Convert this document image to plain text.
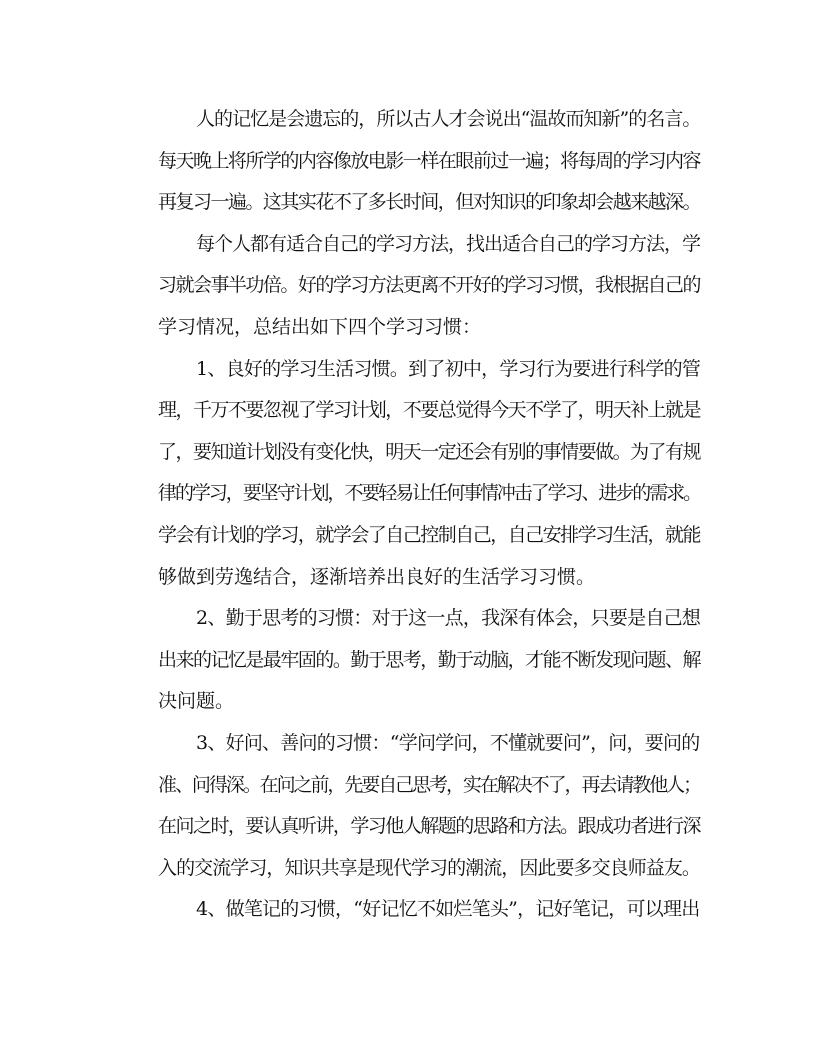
人的记忆是会遗忘的，所以古人才会说出“温故而知新”的名言。
每天晚上将所学的内容像放电影一样在眼前过一遍；将每周的学习内容
再复习一遍。这其实花不了多长时间，但对知识的印象却会越来越深。
每个人都有适合自己的学习方法，找出适合自己的学习方法，学
习就会事半功倍。好的学习方法更离不开好的学习习惯，我根据自己的
学习情况，总结出如下四个学习习惯：
1、良好的学习生活习惯。到了初中，学习行为要进行科学的管
理，千万不要忽视了学习计划，不要总觉得今天不学了，明天补上就是
了，要知道计划没有变化快，明天一定还会有别的事情要做。为了有规
律的学习，要坚守计划，不要轻易让任何事情冲击了学习、进步的需求。
学会有计划的学习，就学会了自己控制自己，自己安排学习生活，就能
够做到劳逸结合，逐渐培养出良好的生活学习习惯。
2、勤于思考的习惯：对于这一点，我深有体会，只要是自己想
出来的记忆是最牢固的。勤于思考，勤于动脑，才能不断发现问题、解
决问题。
3、好问、善问的习惯：“学问学问，不懂就要问”，问，要问的
准、问得深。在问之前，先要自己思考，实在解决不了，再去请教他人；
在问之时，要认真听讲，学习他人解题的思路和方法。跟成功者进行深
入的交流学习，知识共享是现代学习的潮流，因此要多交良师益友。
4、做笔记的习惯，“好记忆不如烂笔头”，记好笔记，可以理出
